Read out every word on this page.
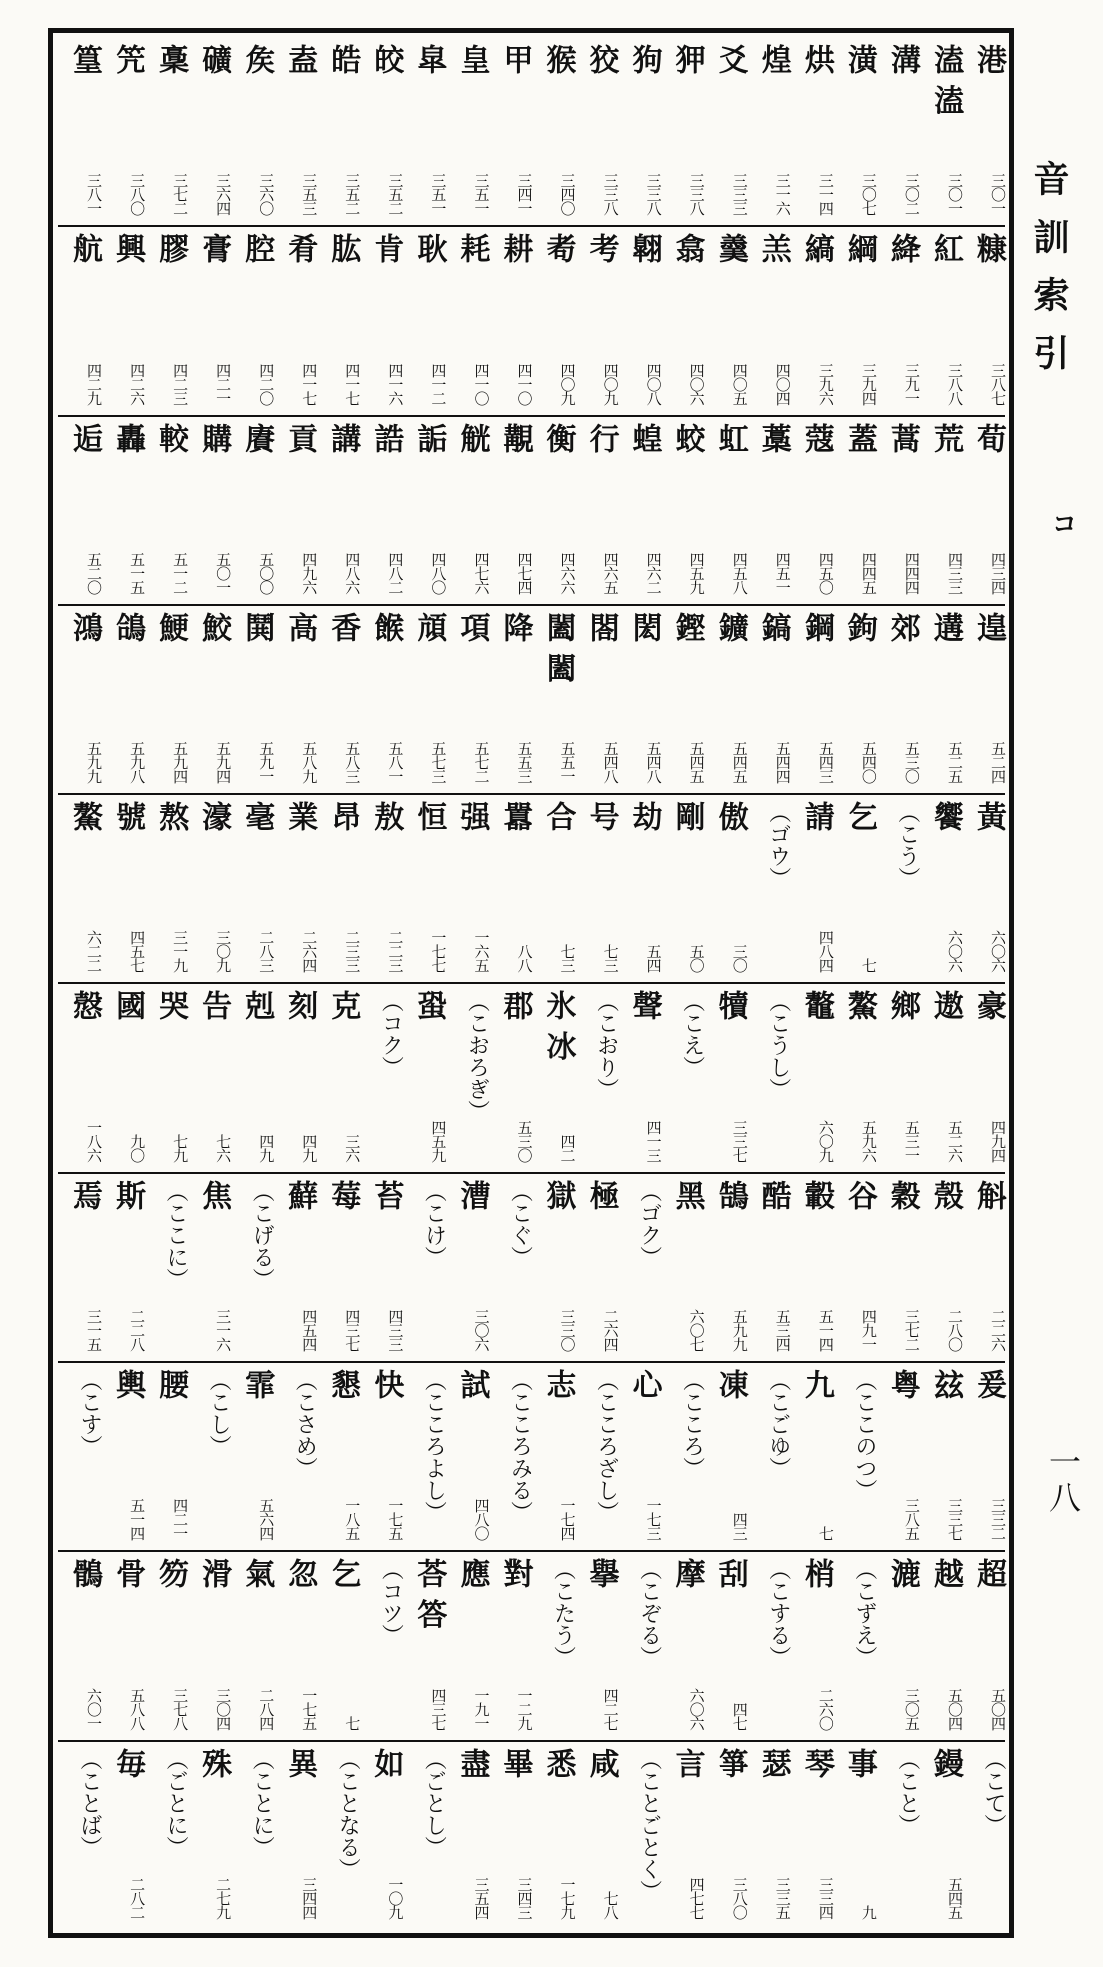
港
三〇一
溘 溘
三〇一
溝
三〇二
潢
三〇七
烘
三一四
煌
三一六
爻
三三三
狎
三三八
狗
三三八
狡
三三八
猴
三四〇
甲
三四一
皇
三五一
皐
三五一
皎
三五二
皓
三五二
盍
三五三
矦
三六〇
礦
三六四
稾
三七二
笐
三八〇
篁
三八一
糠
三八七
紅
三八八
絳
三九一
綱
三九四
縞
三九六
羔
四〇四
羹
四〇五
翕
四〇六
翺
四〇八
考
四〇九
耇
四〇九
耕
四一〇
耗
四一〇
耿
四一二
肯
四一六
肱
四一七
肴
四一七
腔
四二〇
膏
四二一
膠
四二三
興
四二六
航
四二九
荀
四三四
荒
四三三
蒿
四四四
蓋
四四五
蔻
四五〇
藁
四五一
虹
四五八
蛟
四五九
蝗
四六二
行
四六五
衡
四六六
覯
四七四
觥
四七六
詬
四八〇
誥
四八二
講
四八六
貢
四九六
賡
五〇〇
購
五〇一
較
五一二
轟
五一五
逅
五二〇
遑
五二四
遘
五二五
郊
五三〇
鉤
五四〇
鋼
五四三
鎬
五四四
鑛
五四五
鏗
五四五
閎
五四八
閤
五四八
闔 闔
五五一
降
五五三
項
五七二
頏
五七三
餱
五八一
香
五八三
高
五八九
鬨
五九一
鮫
五九四
鯁
五九四
鴿
五九八
鴻
五九九
黃
六〇六
饗
六〇六
（こう）
乞
七
請
四八四
（ゴウ）
傲
三〇
剛
五〇
劫
五四
号
七三
合
七三
囂
八八
强
一六五
恒
一七七
敖
二二三
昂
二三三
業
二六四
毫
二八三
濠
三〇九
熬
三一九
號
四五七
鰲
六二二
豪
四九四
遨
五二六
鄉
五三一
鰲
五九六
鼇
六〇九
（こうし）
犢
三三七
（こえ）
聲
四一三
（こおり）
氷 冰
四二
郡
五三〇
（こおろぎ）
蛩
四五九
（コク）
克
三六
刻
四九
剋
四九
告
七六
哭
七九
國
九〇
慤
一八六
斛
二二六
殼
二八〇
穀
三七二
谷
四九一
轂
五一四
酷
五三四
鵠
五九九
黑
六〇七
（ゴク）
極
二六四
獄
三三〇
（こぐ）
漕
三〇六
（こけ）
苔
四三三
莓
四三七
蘚
四五四
（こげる）
焦
三一六
（ここに）
斯
二二八
焉
三一五
爰
三三二
玆
三三七
粤
三八五
（ここのつ）
九
七
（こごゆ）
凍
四三
（こころ）
心
一七三
（こころざし）
志
一七四
（こころみる）
試
四八〇
（こころよし）
快
一七五
懇
一八五
（こさめ）
霏
五六四
（こし）
腰
四二一
輿
五一四
（こす）
超
五〇四
越
五〇四
漉
三〇五
（こずえ）
梢
二六〇
（こする）
刮
四七
摩
六〇六
（こぞる）
擧
四二七
（こたう）
對
一二九
應
一九一
荅 答
四三七
（コツ）
乞
七
忽
一七五
氣
二八四
滑
三〇四
笏
三七八
骨
五八八
鶻
六〇一
（こて）
鏝
五四五
（こと）
事
九
琴
三三四
瑟
三三五
箏
三八〇
言
四七七
（ことごとく）
咸
七八
悉
一七九
畢
三四三
盡
三五四
（ごとし）
如
一〇九
（ことなる）
異
三四四
（ことに）
殊
二七九
（ごとに）
毎
二八二
（ことば）
音訓索引
コ
一八
